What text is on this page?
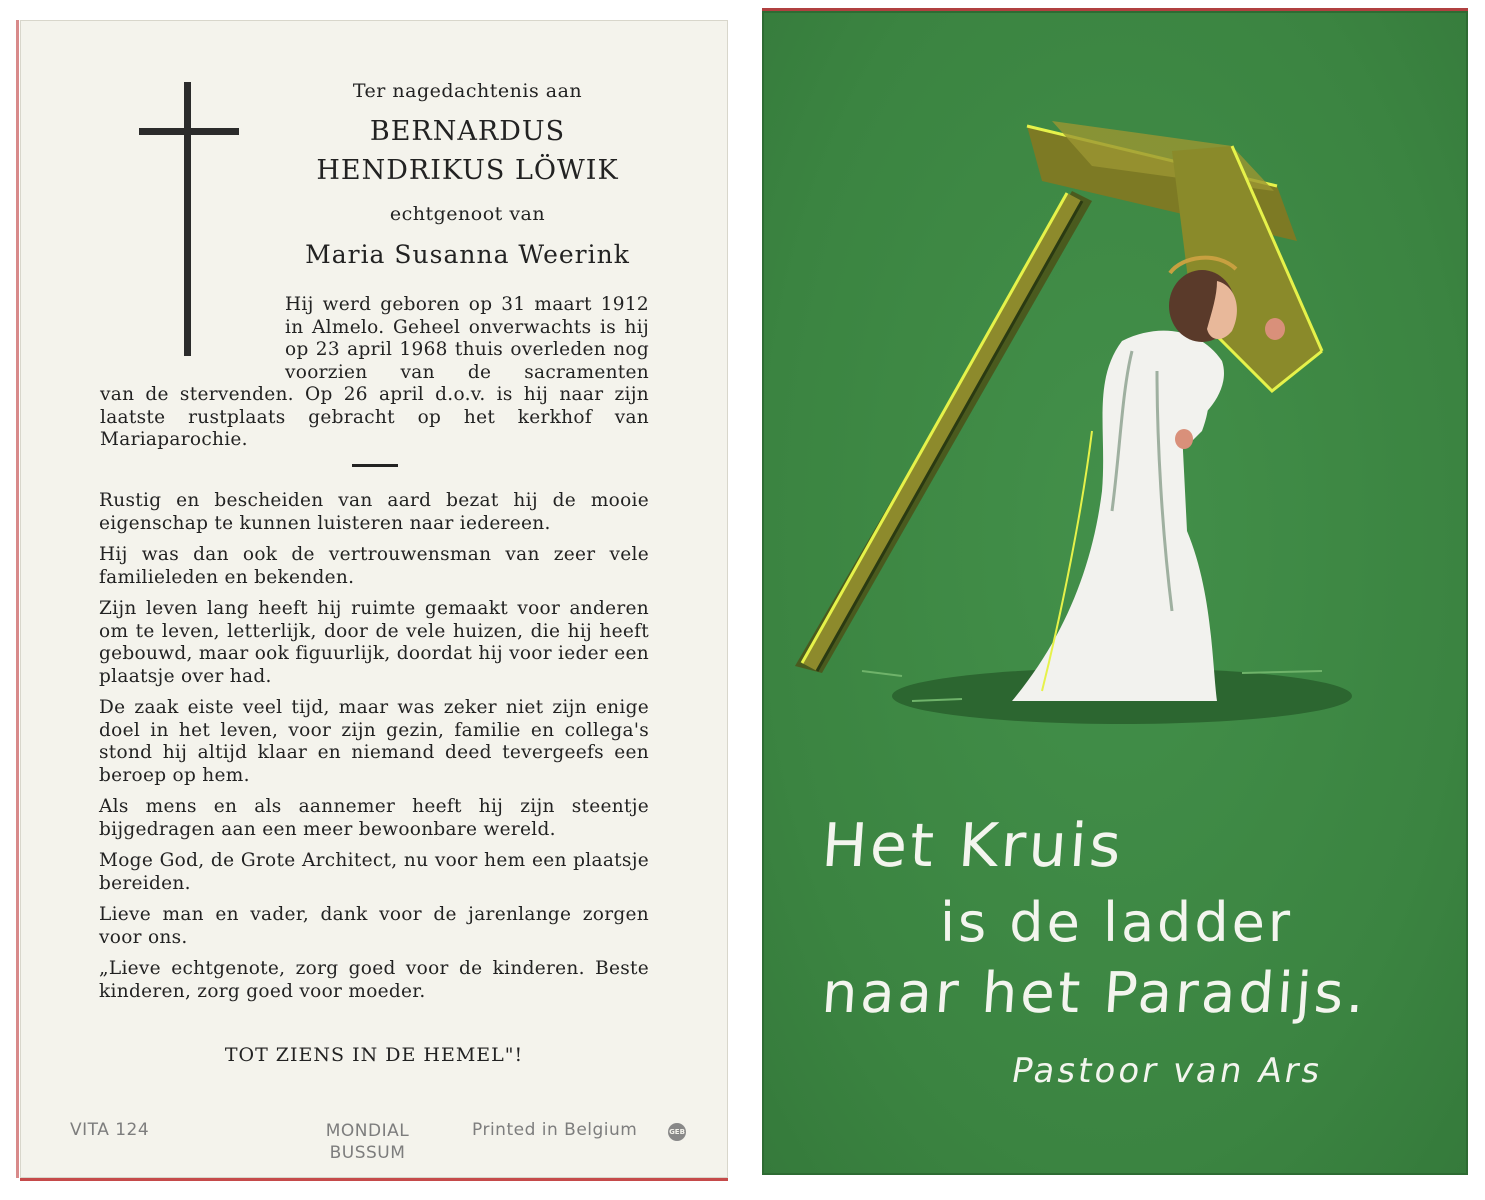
Ter nagedachtenis aan

BERNARDUS

HENDRIKUS LÖWIK

echtgenoot van

Maria Susanna Weerink

Hij werd geboren op 31 maart 1912 in Almelo. Geheel onverwachts is hij op 23 april 1968 thuis overleden nog voorzien van de sacramenten

van de stervenden. Op 26 april d.o.v. is hij naar zijn laatste rustplaats gebracht op het kerkhof van Mariaparochie.

Rustig en bescheiden van aard bezat hij de mooie eigenschap te kunnen luisteren naar iedereen.

Hij was dan ook de vertrouwensman van zeer vele familieleden en bekenden.

Zijn leven lang heeft hij ruimte gemaakt voor anderen om te leven, letterlijk, door de vele huizen, die hij heeft gebouwd, maar ook figuurlijk, doordat hij voor ieder een plaatsje over had.

De zaak eiste veel tijd, maar was zeker niet zijn enige doel in het leven, voor zijn gezin, familie en collega's stond hij altijd klaar en niemand deed tevergeefs een beroep op hem.

Als mens en als aannemer heeft hij zijn steentje bijgedragen aan een meer bewoonbare wereld.

Moge God, de Grote Architect, nu voor hem een plaatsje bereiden.

Lieve man en vader, dank voor de jarenlange zorgen voor ons.

„Lieve echtgenote, zorg goed voor de kinderen. Beste kinderen, zorg goed voor moeder.

TOT ZIENS IN DE HEMEL"!

VITA 124	MONDIAL
BUSSUM
Printed in Belgium	GEB

Het Kruis

is de ladder

naar het Paradijs.

Pastoor van Ars
